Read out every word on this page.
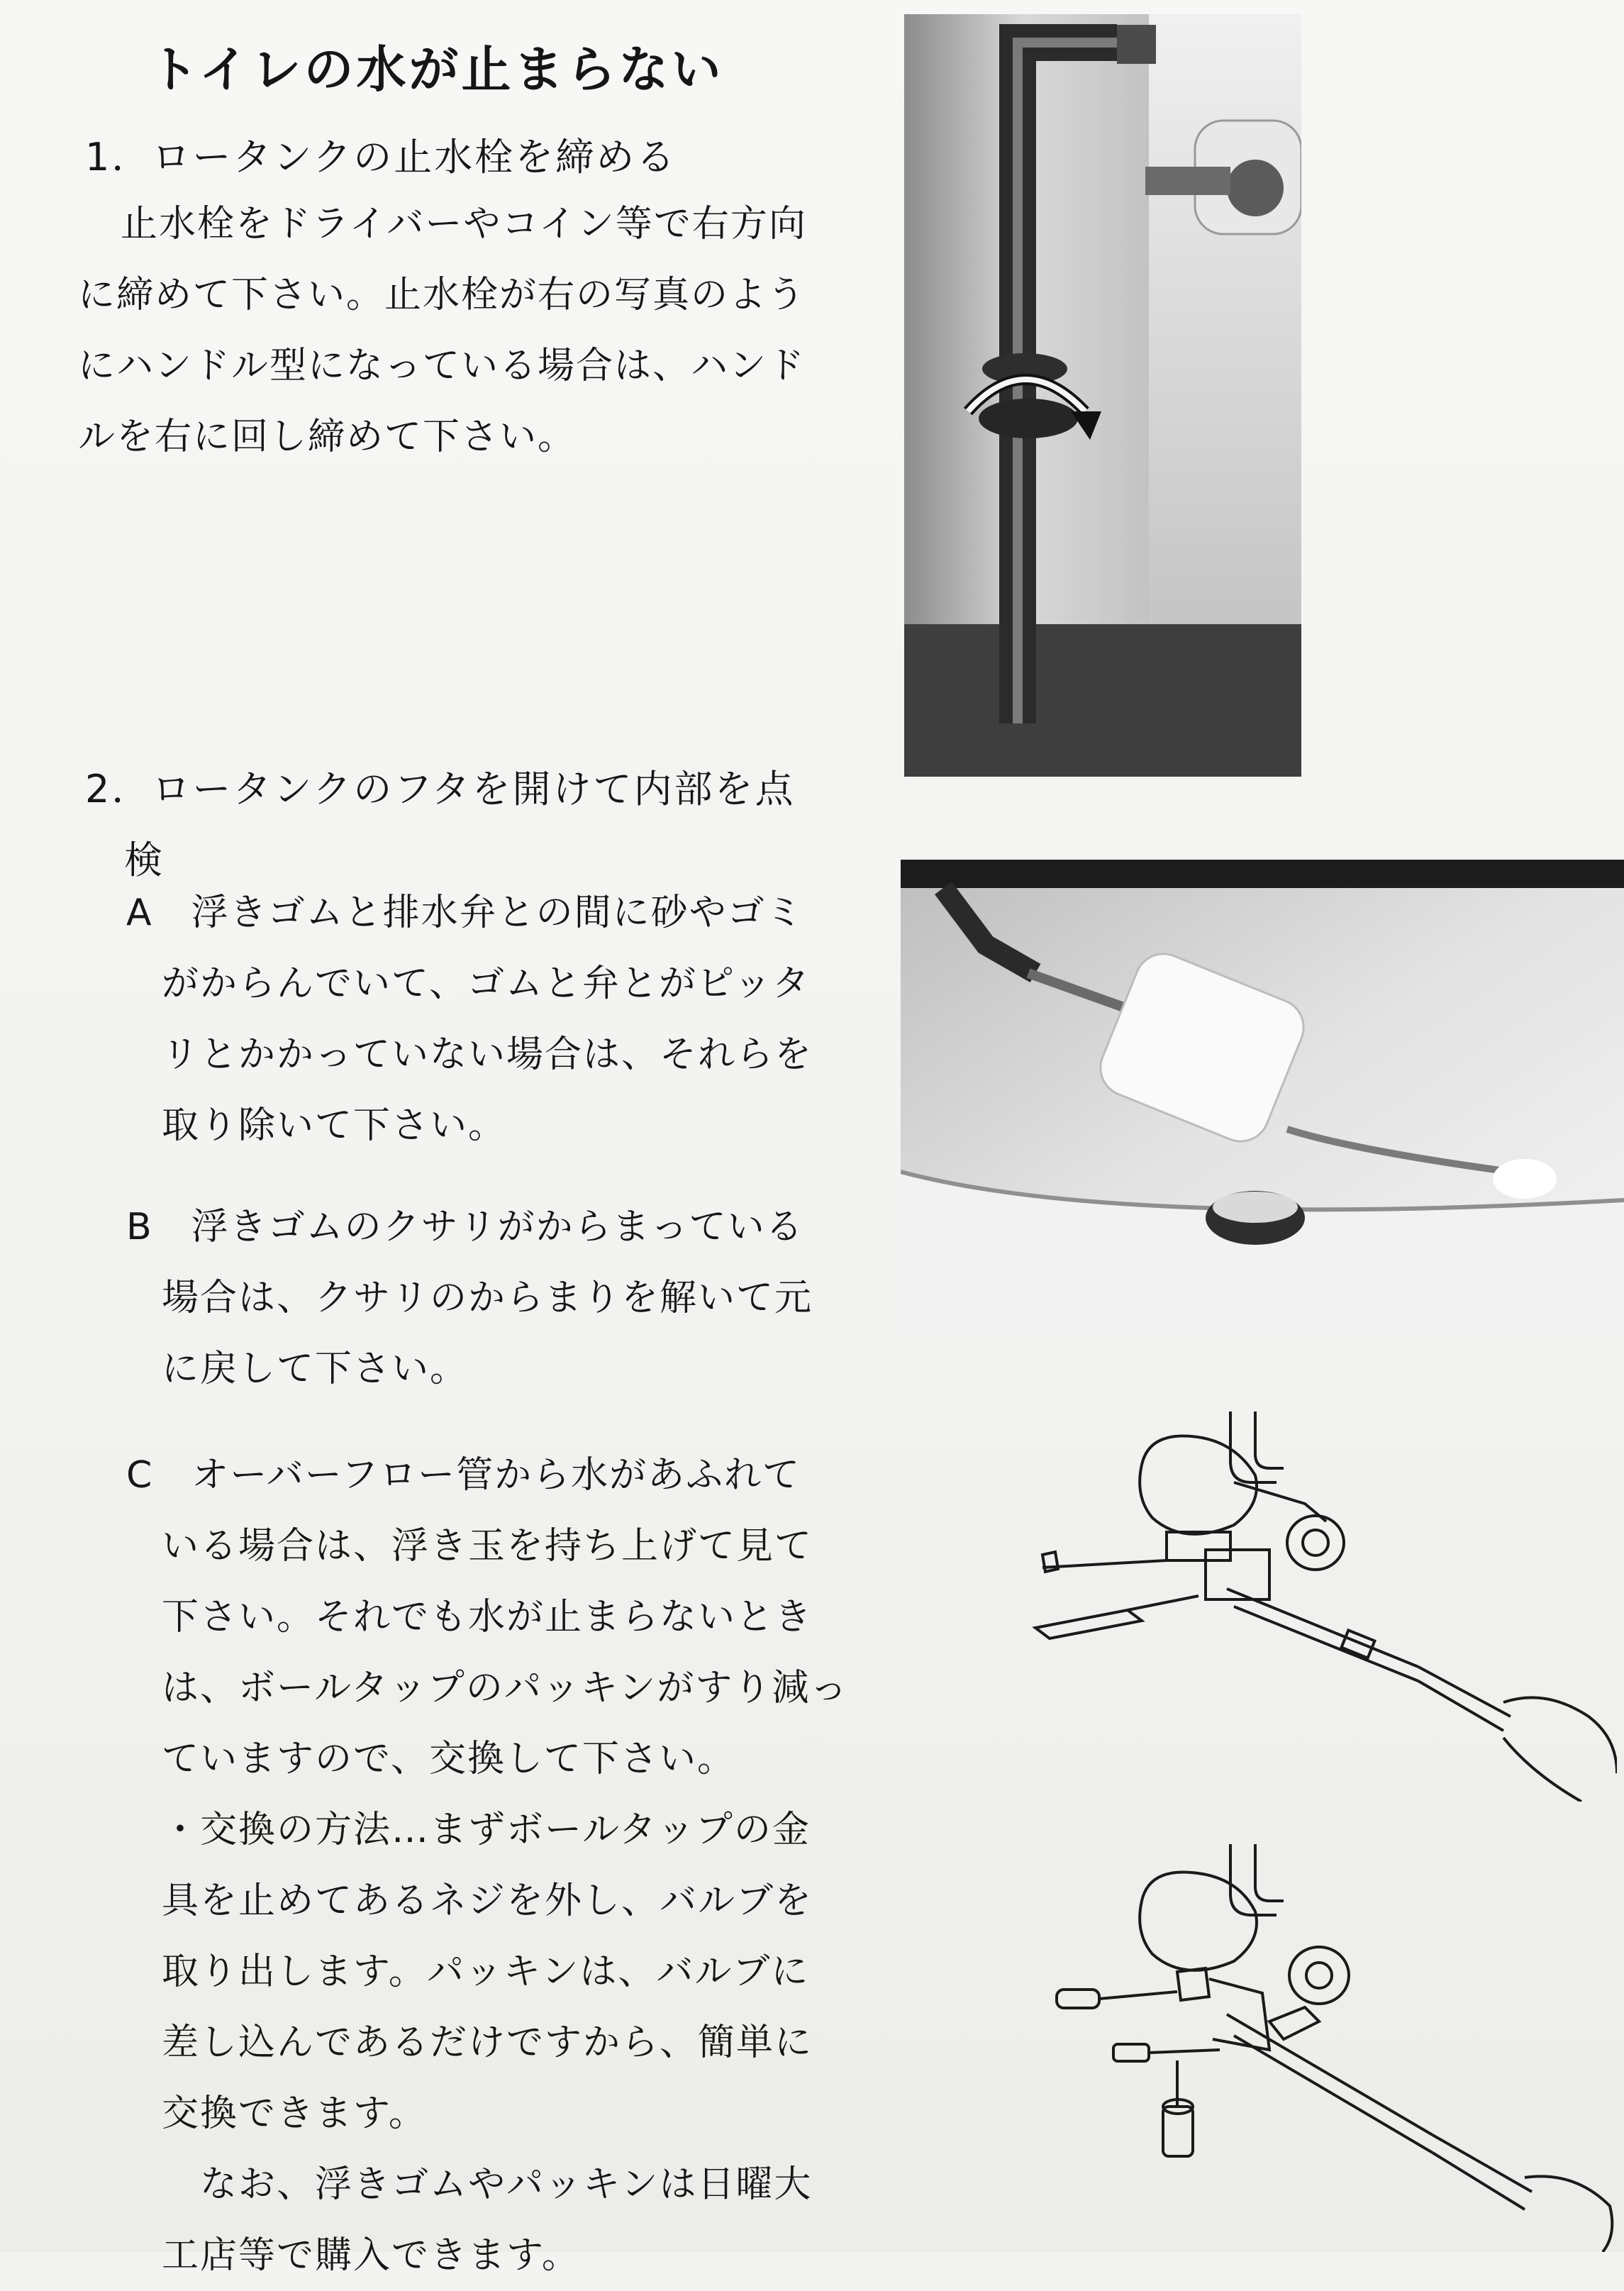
トイレの水が止まらない
1．ロータンクの止水栓を締める
止水栓をドライバーやコイン等で右方向
に締めて下さい。止水栓が右の写真のよう
にハンドル型になっている場合は、ハンド
ルを右に回し締めて下さい。
2．ロータンクのフタを開けて内部を点
検
A　浮きゴムと排水弁との間に砂やゴミ
がからんでいて、ゴムと弁とがピッタ
リとかかっていない場合は、それらを
取り除いて下さい。
B　浮きゴムのクサリがからまっている
場合は、クサリのからまりを解いて元
に戻して下さい。
C　オーバーフロー管から水があふれて
いる場合は、浮き玉を持ち上げて見て
下さい。それでも水が止まらないとき
は、ボールタップのパッキンがすり減っ
ていますので、交換して下さい。
・交換の方法…まずボールタップの金
具を止めてあるネジを外し、バルブを
取り出します。パッキンは、バルブに
差し込んであるだけですから、簡単に
交換できます。
　なお、浮きゴムやパッキンは日曜大
工店等で購入できます。
